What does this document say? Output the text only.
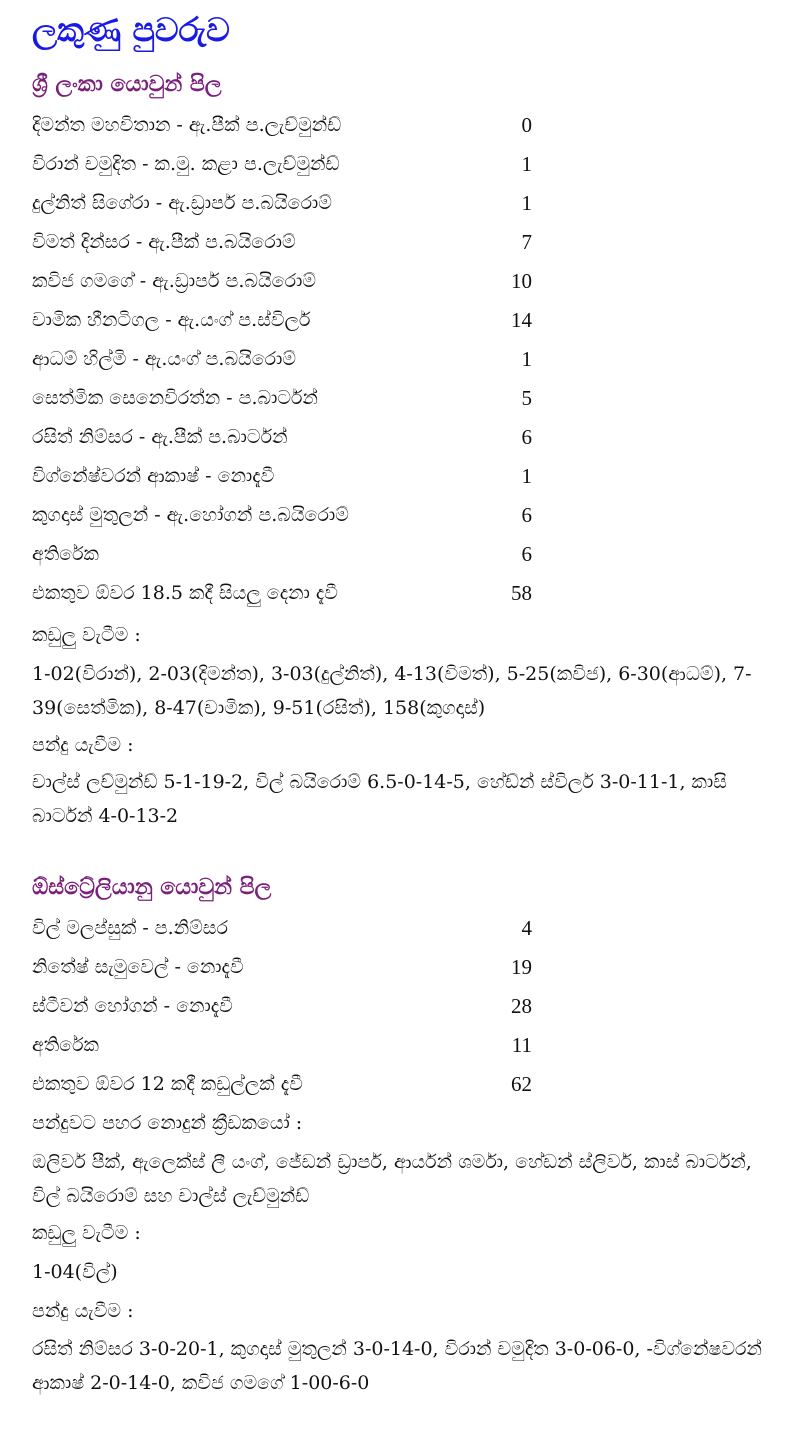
ලකුණු පුවරුව
ශ්‍රී ලංකා යොවුන් පිල
දිමන්ත මහවිතාන - ඇ.පීක් ප.ලැච්මුන්ඩ්	0
විරාන් චමුදිත - ක.මු. කළා ප.ලැච්මුන්ඩ්	1
දුල්නිත් සිගේරා - ඇ.ඩ්‍රාපර් ප.බයිරොම්	1
විමත් දින්සර - ඇ.පීක් ප.බයිරොම්	7
කවිජ ගමගේ - ඇ.ඩ්‍රාපර් ප.බයිරොම්	10
චාමික හීනටිගල - ඇ.යංග් ප.ස්විලර්	14
ආධම් හිල්මි - ඇ.යංග් ප.බයිරොම්	1
සෙත්මික සෙනෙවිරත්න - ප.බාර්ටන්	5
රසිත් නිම්සර - ඇ.පීක් ප.බාර්ටන්	6
විග්නේෂ්වරන් ආකාෂ් - නොදැවී	1
කුගදාස් මුතුලන් - ඇ.හෝගන් ප.බයිරොම්	6
අතිරේක	6
එකතුව ඕවර 18.5 කදී සියලු දෙනා දැවී	58
කඩුලු වැටීම :
1-02(විරාන්), 2-03(දිමන්ත), 3-03(දුල්නිත්), 4-13(විමත්), 5-25(කවිජ), 6-30(ආධම්), 7-39(සෙත්මික), 8-47(චාමික), 9-51(රසිත්), 158(කුගදාස්)
පන්දු යැවීම :
චාල්ස් ලච්මුන්ඩ් 5-1-19-2, විල් බයිරොම් 6.5-0-14-5, හේඩ්න් ස්විලර් 3-0-11-1, කාසි බාර්ටන් 4-0-13-2
ඕස්ට්‍රේලියානු යොවුන් පිල
විල් මලප්සුක් - ප.නිම්සර	4
නිතේෂ් සැමුවෙල් - නොදැවී	19
ස්ටීවන් හෝගන් - නොදැවී	28
අතිරේක	11
එකතුව ඕවර 12 කදී කඩුල්ලක් දැවී	62
පන්දුවට පහර නොදුන් ක්‍රීඩකයෝ :
ඔලිවර් පීක්, ඇලෙක්ස් ලී යංග්, ජේඩන් ඩ්‍රාපර්, ආර්යන් ශර්මා, හේඩන් ස්ලිවර්, කාස් බාර්ටන්, විල් බයිරොම් සහ චාල්ස් ලැච්මුන්ඩ්
කඩුලු වැටීම :
1-04(විල්)
පන්දු යැවීම :
රසිත් නිම්සර 3-0-20-1, කුගදාස් මුතුලන් 3-0-14-0, විරාන් චමුදිත 3-0-06-0, -විග්නේෂවරන් ආකාෂ් 2-0-14-0, කවිජ ගමගේ 1-00-6-0
